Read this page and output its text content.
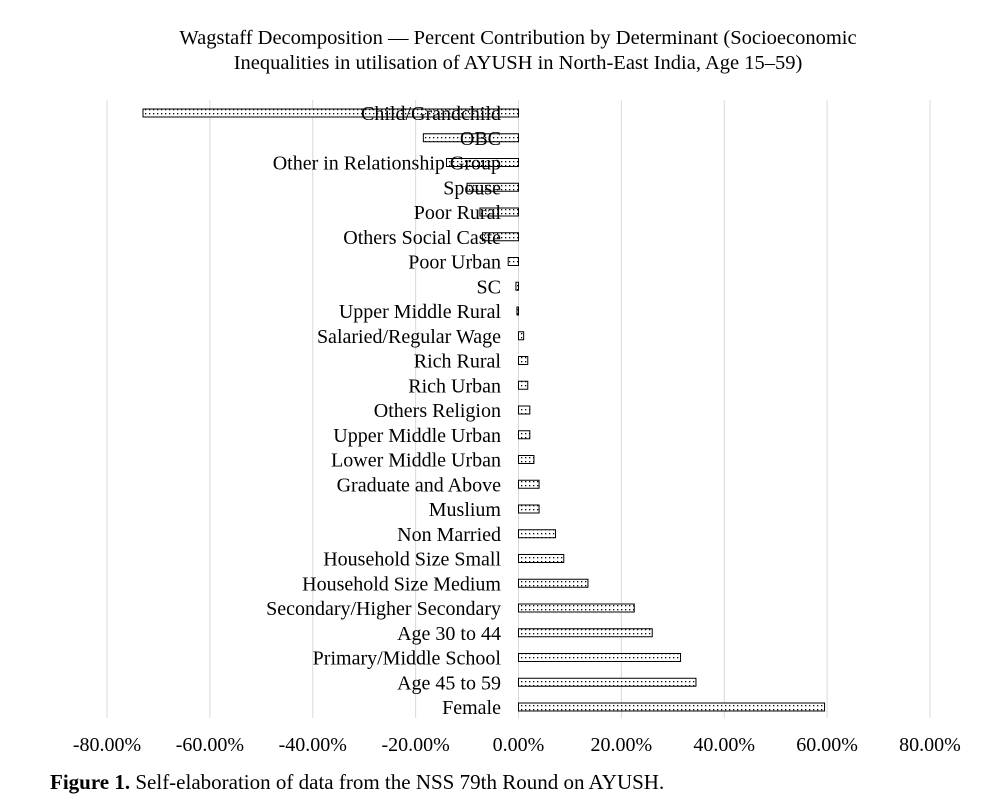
Wagstaff Decomposition — Percent Contribution by Determinant (Socioeconomic
Inequalities in utilisation of AYUSH in North-East India, Age 15–59)
Child/Grandchild
OBC
Other in Relationship Group
Spouse
Poor Rural
Others Social Caste
Poor Urban
SC
Upper Middle Rural
Salaried/Regular Wage
Rich Rural
Rich Urban
Others Religion
Upper Middle Urban
Lower Middle Urban
Graduate and Above
Muslium
Non Married
Household Size Small
Household Size Medium
Secondary/Higher Secondary
Age 30 to 44
Primary/Middle School
Age 45 to 59
Female
-80.00% -60.00% -40.00% -20.00% 0.00% 20.00% 40.00% 60.00% 80.00%
Figure 1. Self-elaboration of data from the NSS 79th Round on AYUSH.
